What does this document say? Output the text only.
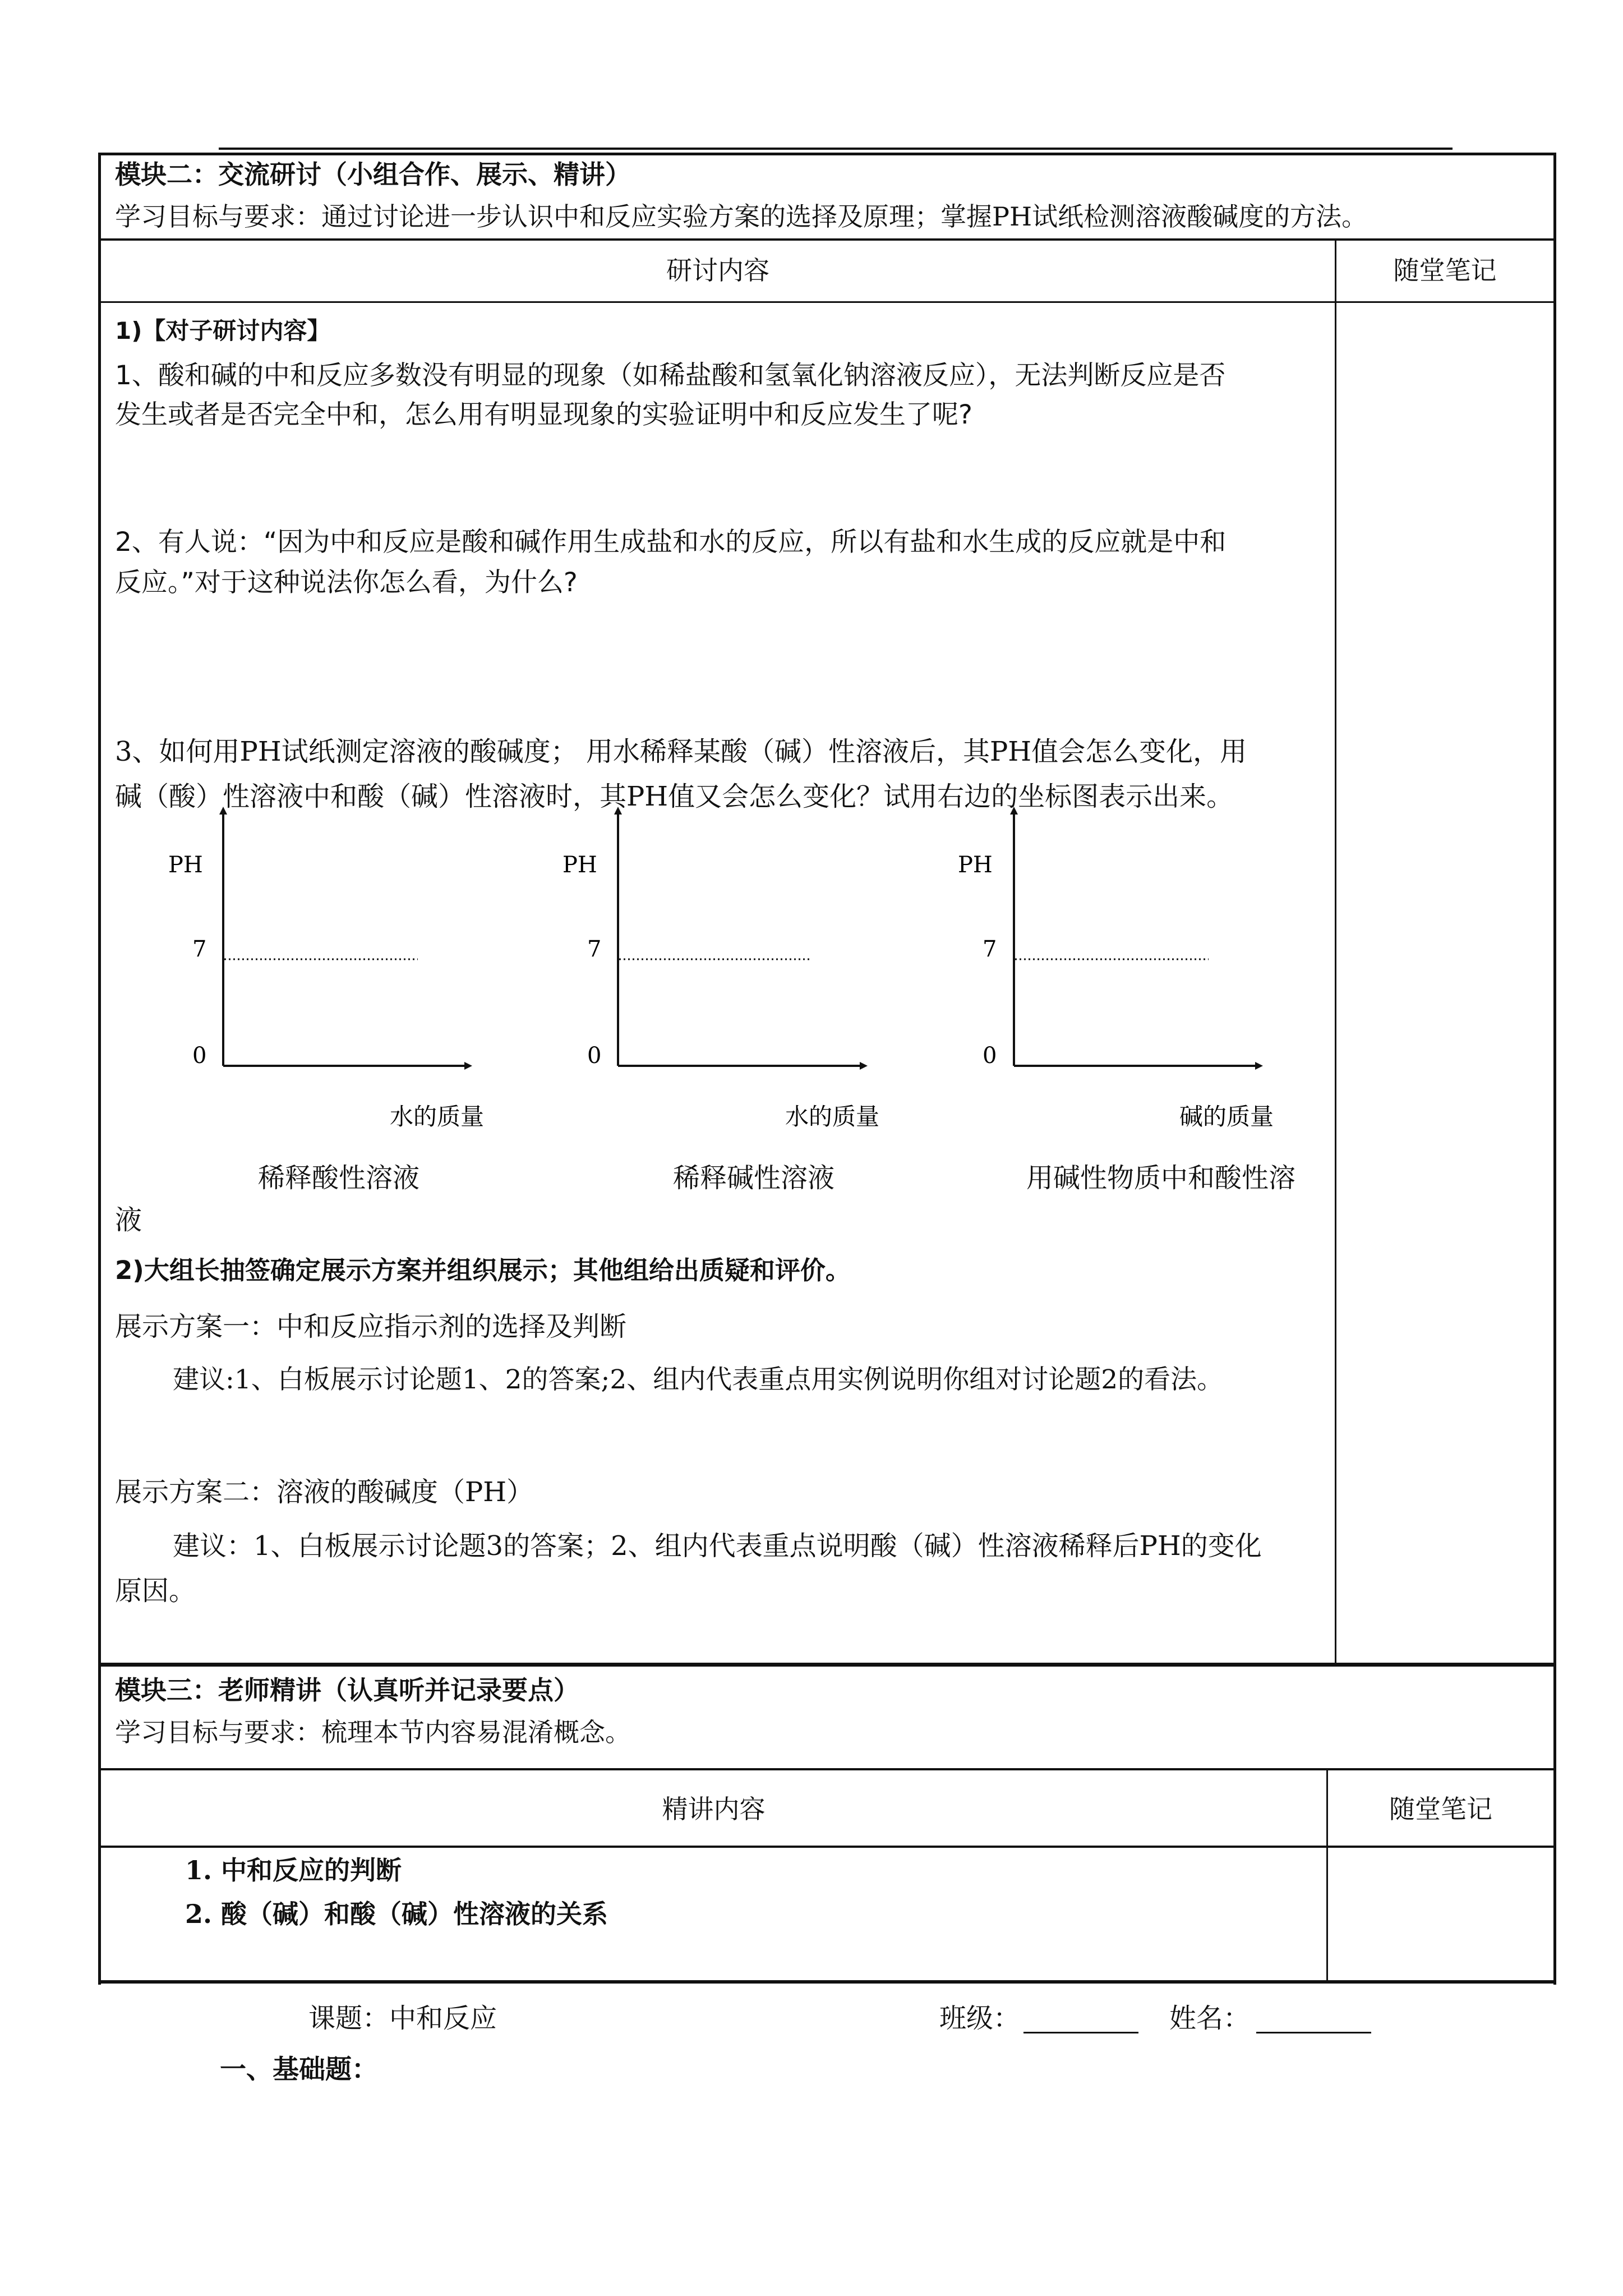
模块二：交流研讨（小组合作、展示、精讲）
学习目标与要求：通过讨论进一步认识中和反应实验方案的选择及原理；掌握PH试纸检测溶液酸碱度的方法。
研讨内容	随堂笔记
1)【对子研讨内容】
1、酸和碱的中和反应多数没有明显的现象（如稀盐酸和氢氧化钠溶液反应），无法判断反应是否
发生或者是否完全中和，怎么用有明显现象的实验证明中和反应发生了呢?
2、有人说：“因为中和反应是酸和碱作用生成盐和水的反应，所以有盐和水生成的反应就是中和
反应。”对于这种说法你怎么看，为什么?
3、如何用PH试纸测定溶液的酸碱度； 用水稀释某酸（碱）性溶液后，其PH值会怎么变化，用
碱（酸）性溶液中和酸（碱）性溶液时，其PH值又会怎么变化？试用右边的坐标图表示出来。
PH
7
0
水的质量
PH
7
0
水的质量
PH
7
0
碱的质量
稀释酸性溶液	稀释碱性溶液	用碱性物质中和酸性溶
液
2)大组长抽签确定展示方案并组织展示；其他组给出质疑和评价。
展示方案一：中和反应指示剂的选择及判断
建议:1、白板展示讨论题1、2的答案;2、组内代表重点用实例说明你组对讨论题2的看法。
展示方案二：溶液的酸碱度（PH）
建议：1、白板展示讨论题3的答案；2、组内代表重点说明酸（碱）性溶液稀释后PH的变化
原因。
模块三：老师精讲（认真听并记录要点）
学习目标与要求：梳理本节内容易混淆概念。
精讲内容	随堂笔记
1. 中和反应的判断
2. 酸（碱）和酸（碱）性溶液的关系
课题：中和反应	班级：	姓名：
一、基础题：
